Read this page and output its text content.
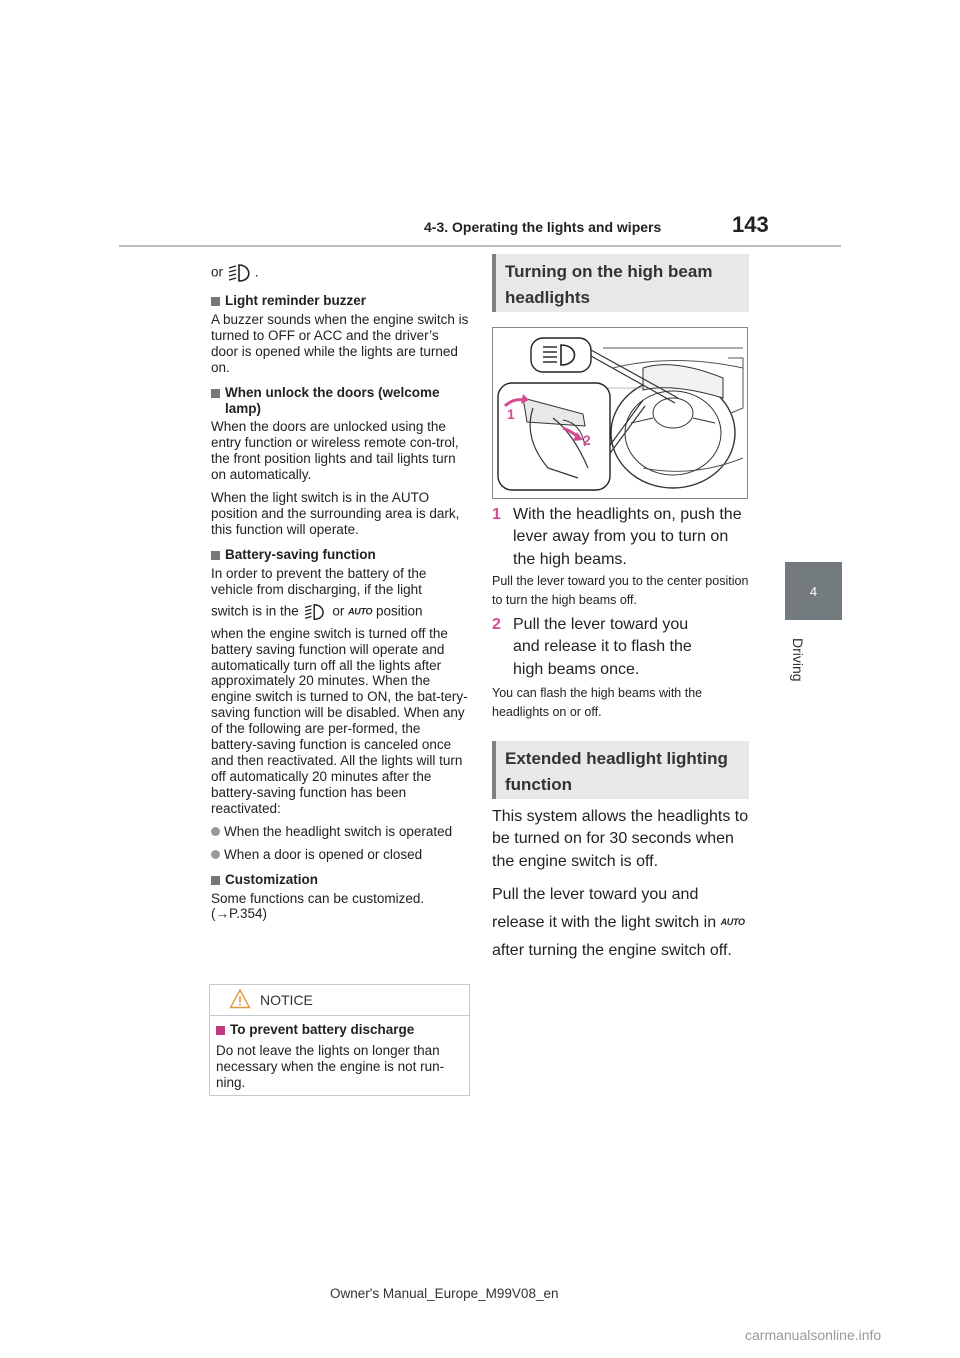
4-3. Operating the lights and wipers	143
4
Driving

or .

Light reminder buzzer

A buzzer sounds when the engine switch is turned to OFF or ACC and the driver’s door is opened while the lights are turned on.

When unlock the doors (welcome lamp)

When the doors are unlocked using the entry function or wireless remote con-trol, the front position lights and tail lights turn on automatically.

When the light switch is in the AUTO position and the surrounding area is dark, this function will operate.

Battery-saving function

In order to prevent the battery of the vehicle from discharging, if the light

switch is in the or AUTO position

when the engine switch is turned off the battery saving function will operate and automatically turn off all the lights after approximately 20 minutes. When the engine switch is turned to ON, the bat-tery-saving function will be disabled. When any of the following are per-formed, the battery-saving function is canceled once and then reactivated. All the lights will turn off automatically 20 minutes after the battery-saving function has been reactivated:

When the headlight switch is operated
When a door is opened or closed
Customization

Some functions can be customized. (→P.354)

NOTICE
To prevent battery discharge
Do not leave the lights on longer than necessary when the engine is not run-ning.
Turning on the high beam headlights
1
2
1 With the headlights on, push the lever away from you to turn on the high beams.
Pull the lever toward you to the center position to turn the high beams off.
2 Pull the lever toward you and release it to flash the high beams once.
You can flash the high beams with the headlights on or off.
Extended headlight lighting function

This system allows the headlights to be turned on for 30 seconds when the engine switch is off.

Pull the lever toward you and release it with the light switch in AUTO after turning the engine switch off.

Owner's Manual_Europe_M99V08_en
carmanualsonline.info
